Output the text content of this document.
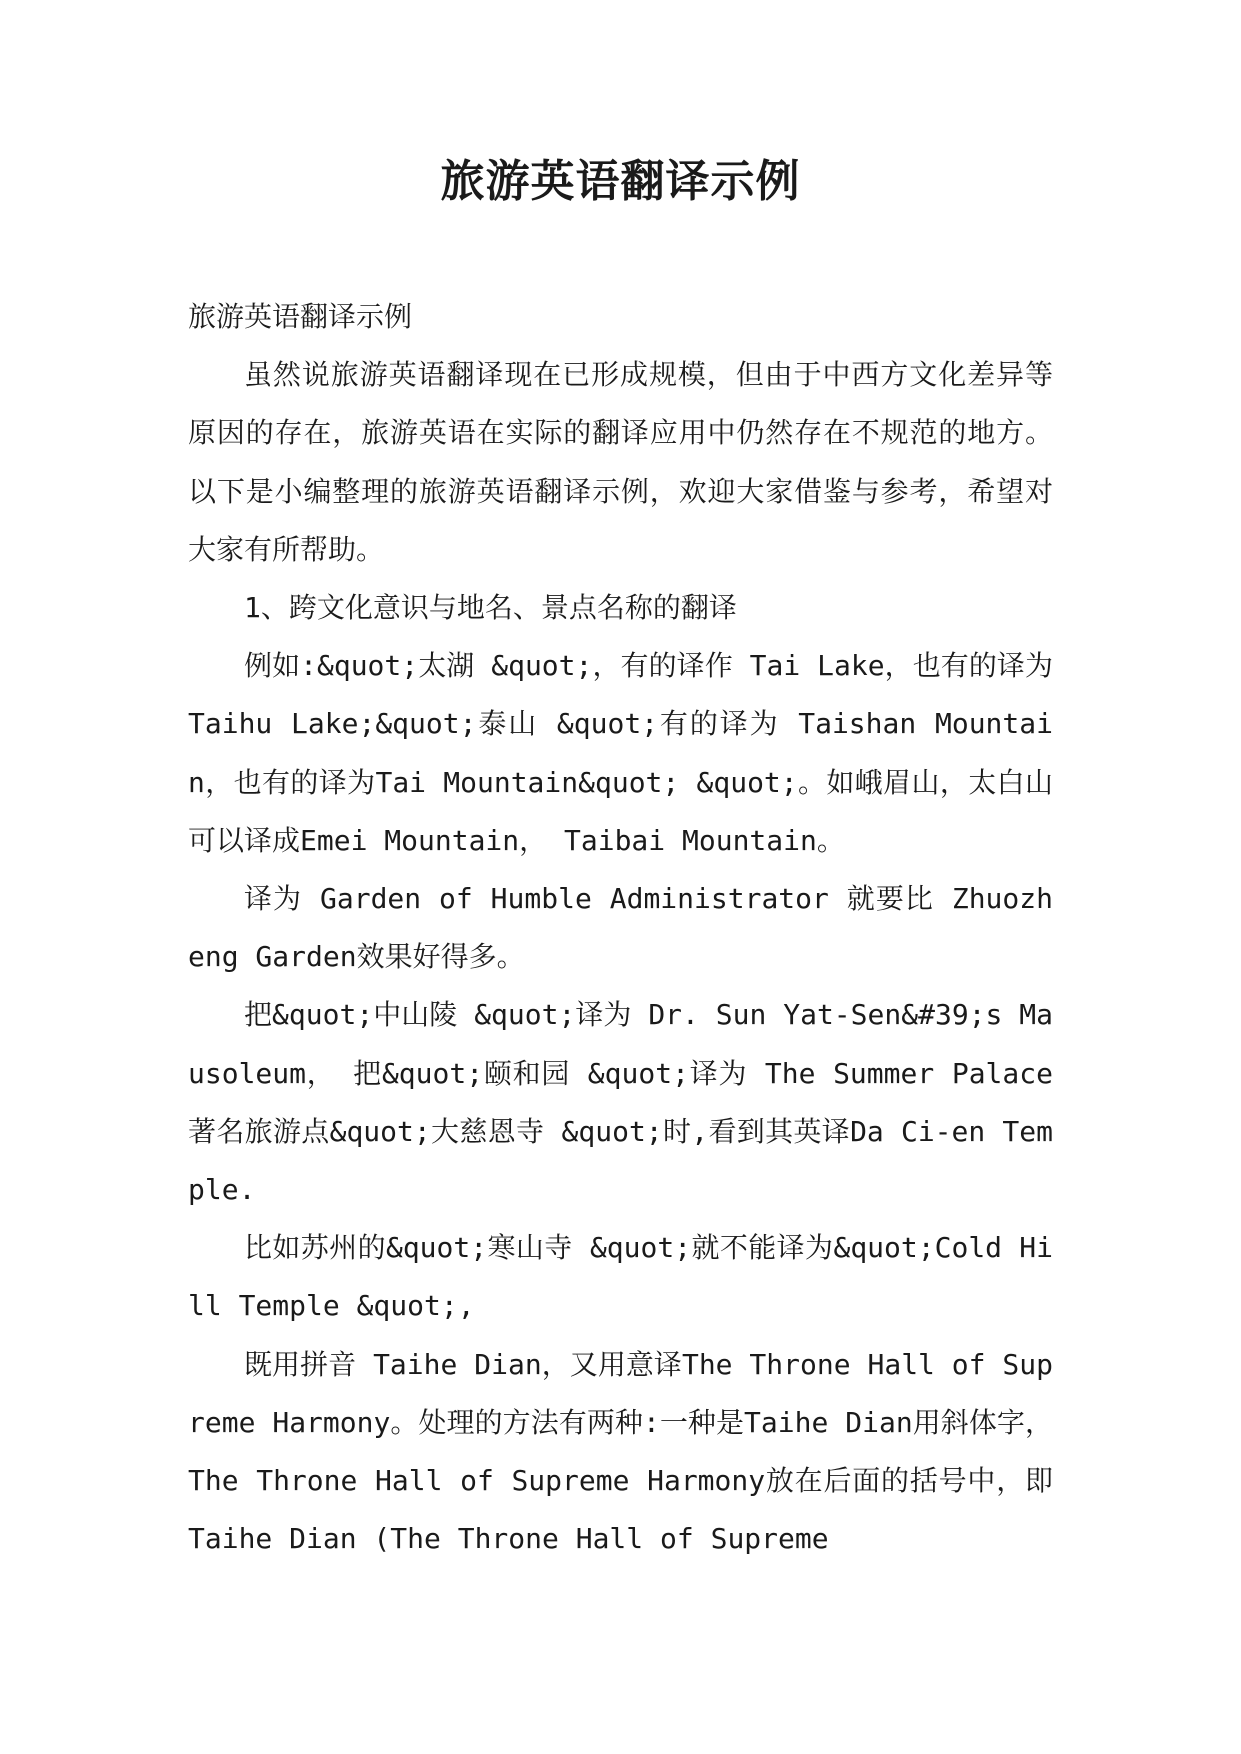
旅游英语翻译示例

旅游英语翻译示例

虽然说旅游英语翻译现在已形成规模，但由于中西方文化差异等原因的存在，旅游英语在实际的翻译应用中仍然存在不规范的地方。以下是小编整理的旅游英语翻译示例，欢迎大家借鉴与参考，希望对大家有所帮助。

1、跨文化意识与地名、景点名称的翻译

例如:&quot;太湖 &quot;，有的译作 Tai Lake，也有的译为 Taihu Lake;&quot;泰山 &quot;有的译为 Taishan Mountain，也有的译为Tai Mountain&quot; &quot;。如峨眉山，太白山可以译成Emei Mountain， Taibai Mountain。

译为 Garden of Humble Administrator 就要比 Zhuozheng Garden效果好得多。

把&quot;中山陵 &quot;译为 Dr. Sun Yat-Sen&#39;s Mausoleum， 把&quot;颐和园 &quot;译为 The Summer Palace著名旅游点&quot;大慈恩寺 &quot;时,看到其英译Da Ci-en Temple.

比如苏州的&quot;寒山寺 &quot;就不能译为&quot;Cold Hill Temple &quot;,

既用拼音 Taihe Dian，又用意译The Throne Hall of Supreme Harmony。处理的方法有两种:一种是Taihe Dian用斜体字， The Throne Hall of Supreme Harmony放在后面的括号中，即Taihe Dian (The Throne Hall of Supreme
